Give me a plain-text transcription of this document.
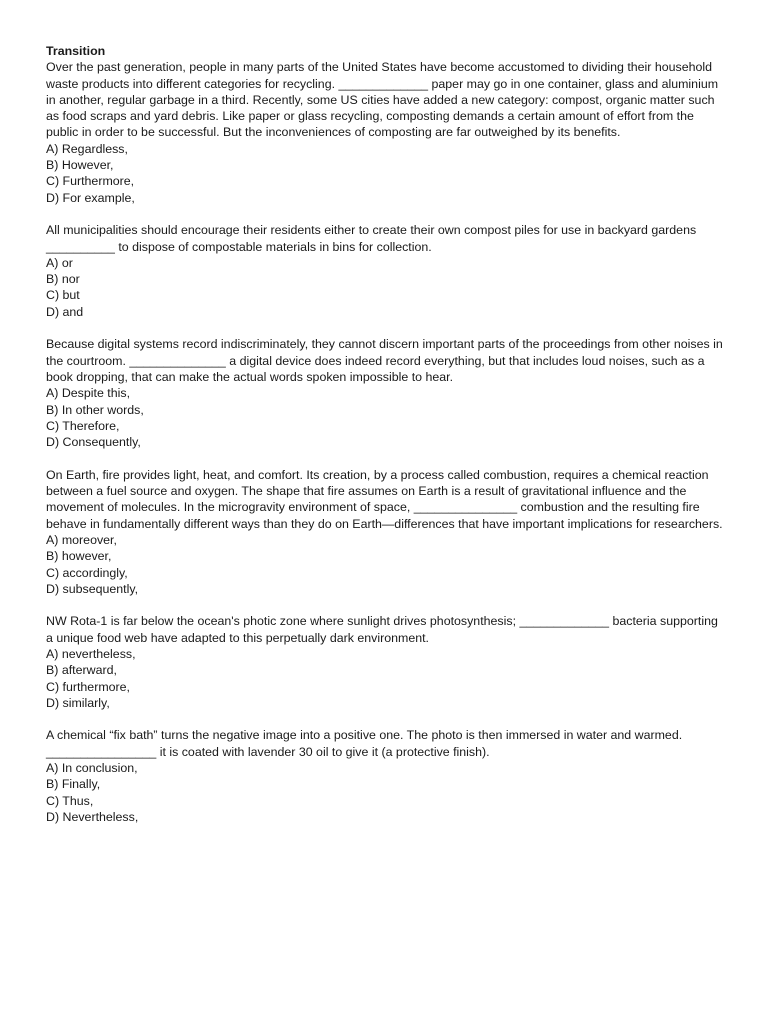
Transition

Over the past generation, people in many parts of the United States have become accustomed to dividing their household waste products into different categories for recycling. _____________ paper may go in one container, glass and aluminium in another, regular garbage in a third. Recently, some US cities have added a new category: compost, organic matter such as food scraps and yard debris. Like paper or glass recycling, composting demands a certain amount of effort from the public in order to be successful. But the inconveniences of composting are far outweighed by its benefits.

A) Regardless,

B) However,

C) Furthermore,

D) For example,

All municipalities should encourage their residents either to create their own compost piles for use in backyard gardens __________ to dispose of compostable materials in bins for collection.

A) or

B) nor

C) but

D) and

Because digital systems record indiscriminately, they cannot discern important parts of the proceedings from other noises in the courtroom. ______________ a digital device does indeed record everything, but that includes loud noises, such as a book dropping, that can make the actual words spoken impossible to hear.

A) Despite this,

B) In other words,

C) Therefore,

D) Consequently,

On Earth, fire provides light, heat, and comfort. Its creation, by a process called combustion, requires a chemical reaction between a fuel source and oxygen. The shape that fire assumes on Earth is a result of gravitational influence and the movement of molecules. In the microgravity environment of space, _______________ combustion and the resulting fire behave in fundamentally different ways than they do on Earth—differences that have important implications for researchers.

A) moreover,

B) however,

C) accordingly,

D) subsequently,

NW Rota-1 is far below the ocean's photic zone where sunlight drives photosynthesis; _____________ bacteria supporting a unique food web have adapted to this perpetually dark environment.

A) nevertheless,

B) afterward,

C) furthermore,

D) similarly,

A chemical “fix bath” turns the negative image into a positive one. The photo is then immersed in water and warmed. ________________ it is coated with lavender 30 oil to give it (a protective finish).

A) In conclusion,

B) Finally,

C) Thus,

D) Nevertheless,
